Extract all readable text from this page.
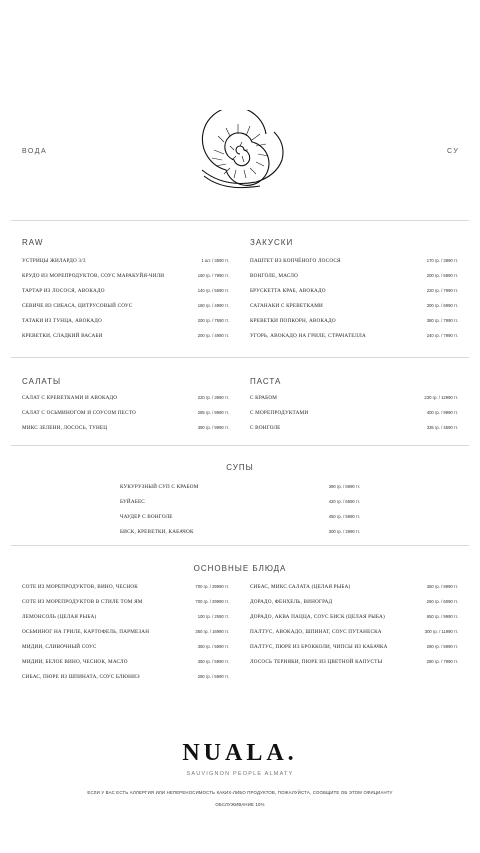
ВОДА	СУ
RAW
УСТРИЦЫ ЖИЛАРДО 3/3	1 шт. / 3590 тг.
КРУДО ИЗ МОРЕПРОДУКТОВ, СОУС МАРАКУЙЯ-ЧИЛИ	160 гр. / 7990 тг.
ТАРТАР ИЗ ЛОСОСЯ, АВОКАДО	140 гр. / 5590 тг.
СЕВИЧЕ ИЗ СИБАСА, ЦИТРУСОВЫЙ СОУС	180 гр. / 4990 тг.
ТАТАКИ ИЗ ТУНЦА, АВОКАДО	200 гр. / 7590 тг.
КРЕВЕТКИ, СЛАДКИЙ ВАСАБИ	200 гр. / 4990 тг.
ЗАКУСКИ
ПАШТЕТ ИЗ КОПЧЁНОГО ЛОСОСЯ	170 гр. / 3990 тг.
ВОНГОЛЕ, МАСЛО	200 гр. / 5990 тг.
БРУСКЕТТА КРАБ, АВОКАДО	220 гр. / 7990 тг.
САГАНАКИ С КРЕВЕТКАМИ	300 гр. / 6990 тг.
КРЕВЕТКИ ПОПКОРН, АВОКАДО	380 гр. / 7990 тг.
УГОРЬ, АВОКАДО НА ГРИЛЕ, СТРАЧАТЕЛЛА	240 гр. / 7990 тг.
САЛАТЫ
САЛАТ С КРЕВЕТКАМИ И АВОКАДО	220 гр. / 3990 тг.
САЛАТ С ОСЬМИНОГОМ И СОУСОМ ПЕСТО	285 гр. / 9990 тг.
МИКС ЗЕЛЕНИ, ЛОСОСЬ, ТУНЕЦ	390 гр. / 9990 тг.
ПАСТА
С КРАБОМ	230 гр. / 12990 тг.
С МОРЕПРОДУКТАМИ	400 гр. / 9990 тг.
С ВОНГОЛЕ	335 гр. / 4590 тг.
СУПЫ
КУКУРУЗНЫЙ СУП С КРАБОМ	390 гр. / 6990 тг.
БУЙАБЕС	420 гр. / 6590 тг.
ЧАУДЕР С ВОНГОЛЕ	450 гр. / 5990 тг.
БИСК, КРЕВЕТКИ, КАБАЧОК	300 гр. / 2990 тг.
ОСНОВНЫЕ БЛЮДА
СОТЕ ИЗ МОРЕПРОДУКТОВ, ВИНО, ЧЕСНОК	700 гр. / 29990 тг.
СОТЕ ИЗ МОРЕПРОДУКТОВ В СТИЛЕ ТОМ ЯМ	700 гр. / 29990 тг.
ЛЕМОНСОЛЬ (ЦЕЛАЯ РЫБА)	100 гр. / 2590 тг.
ОСЬМИНОГ НА ГРИЛЕ, КАРТОФЕЛЬ, ПАРМЕЗАН	350 гр. / 16990 тг.
МИДИИ, СЛИВОЧНЫЙ СОУС	350 гр. / 5990 тг.
МИДИИ, БЕЛОЕ ВИНО, ЧЕСНОК, МАСЛО	350 гр. / 5990 тг.
СИБАС, ПЮРЕ ИЗ ШПИНАТА, СОУС БЛЮНИЭ	280 гр. / 5990 тг.
СИБАС, МИКС САЛАТА (ЦЕЛАЯ РЫБА)	350 гр. / 8990 тг.
ДОРАДО, ФЕНХЕЛЬ, ВИНОГРАД	260 гр. / 6090 тг.
ДОРАДО, АКВА ПАЦЦА, СОУС БИСК (ЦЕЛАЯ РЫБА)	650 гр. / 9990 тг.
ПАЛТУС, АВОКАДО, ШПИНАТ, СОУС ПУТАНЕСКА	300 гр. / 11990 тг.
ПАЛТУС, ПЮРЕ ИЗ БРОККОЛИ, ЧИПСЫ ИЗ КАБАЧКА	280 гр. / 5990 тг.
ЛОСОСЬ ТЕРИЯКИ, ПЮРЕ ИЗ ЦВЕТНОЙ КАПУСТЫ	280 гр. / 7990 тг.
NUALA.
SAUVIGNON PEOPLE ALMATY
ЕСЛИ У ВАС ЕСТЬ АЛЛЕРГИЯ ИЛИ НЕПЕРЕНОСИМОСТЬ КАКИХ-ЛИБО ПРОДУКТОВ, ПОЖАЛУЙСТА, СООБЩИТЕ ОБ ЭТОМ ОФИЦИАНТУ
ОБСЛУЖИВАНИЕ 10%
